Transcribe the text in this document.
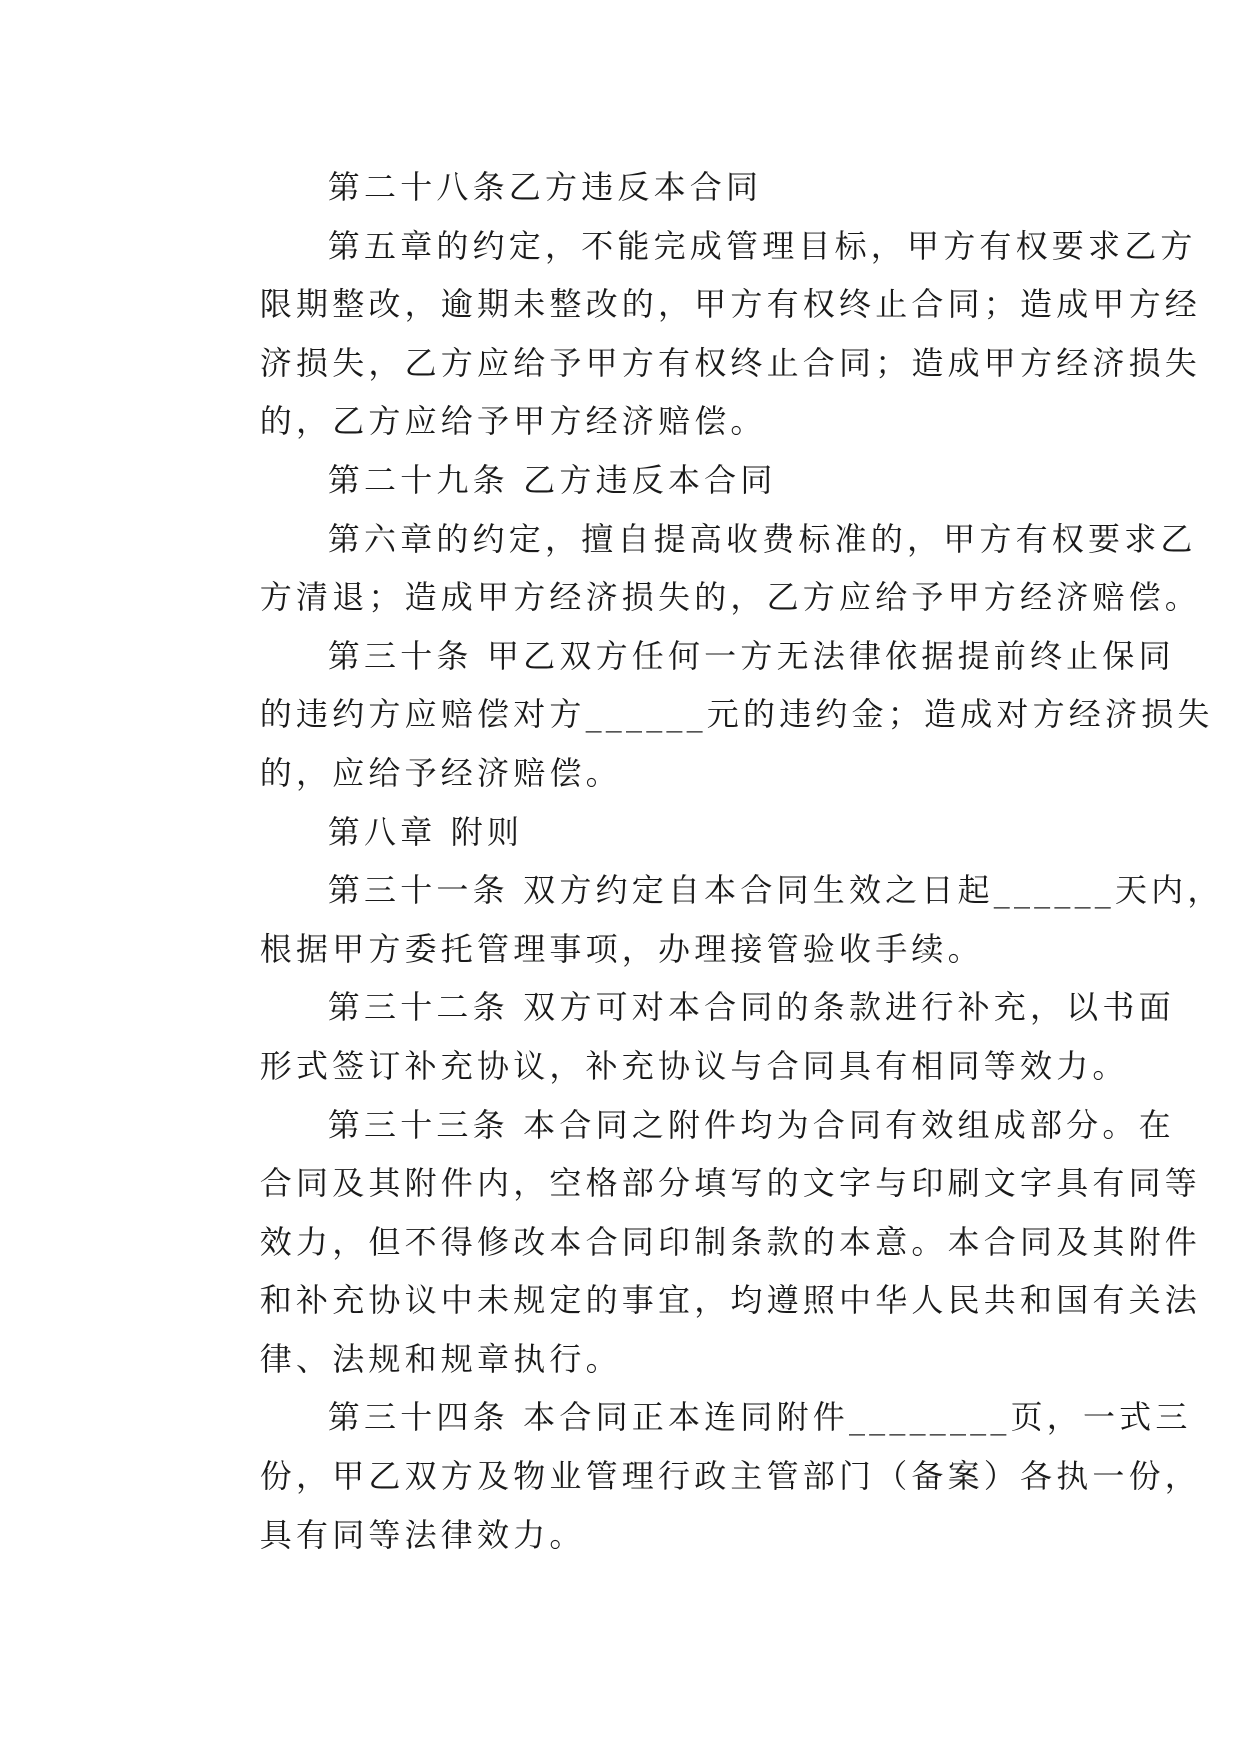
第二十八条乙方违反本合同
第五章的约定，不能完成管理目标，甲方有权要求乙方
限期整改，逾期未整改的，甲方有权终止合同；造成甲方经
济损失，乙方应给予甲方有权终止合同；造成甲方经济损失
的，乙方应给予甲方经济赔偿。
第二十九条 乙方违反本合同
第六章的约定，擅自提高收费标准的，甲方有权要求乙
方清退；造成甲方经济损失的，乙方应给予甲方经济赔偿。
第三十条 甲乙双方任何一方无法律依据提前终止保同
的违约方应赔偿对方______元的违约金；造成对方经济损失
的，应给予经济赔偿。
第八章 附则
第三十一条 双方约定自本合同生效之日起______天内，
根据甲方委托管理事项，办理接管验收手续。
第三十二条 双方可对本合同的条款进行补充，以书面
形式签订补充协议，补充协议与合同具有相同等效力。
第三十三条 本合同之附件均为合同有效组成部分。在
合同及其附件内，空格部分填写的文字与印刷文字具有同等
效力，但不得修改本合同印制条款的本意。本合同及其附件
和补充协议中未规定的事宜，均遵照中华人民共和国有关法
律、法规和规章执行。
第三十四条 本合同正本连同附件________页，一式三
份，甲乙双方及物业管理行政主管部门（备案）各执一份，
具有同等法律效力。
